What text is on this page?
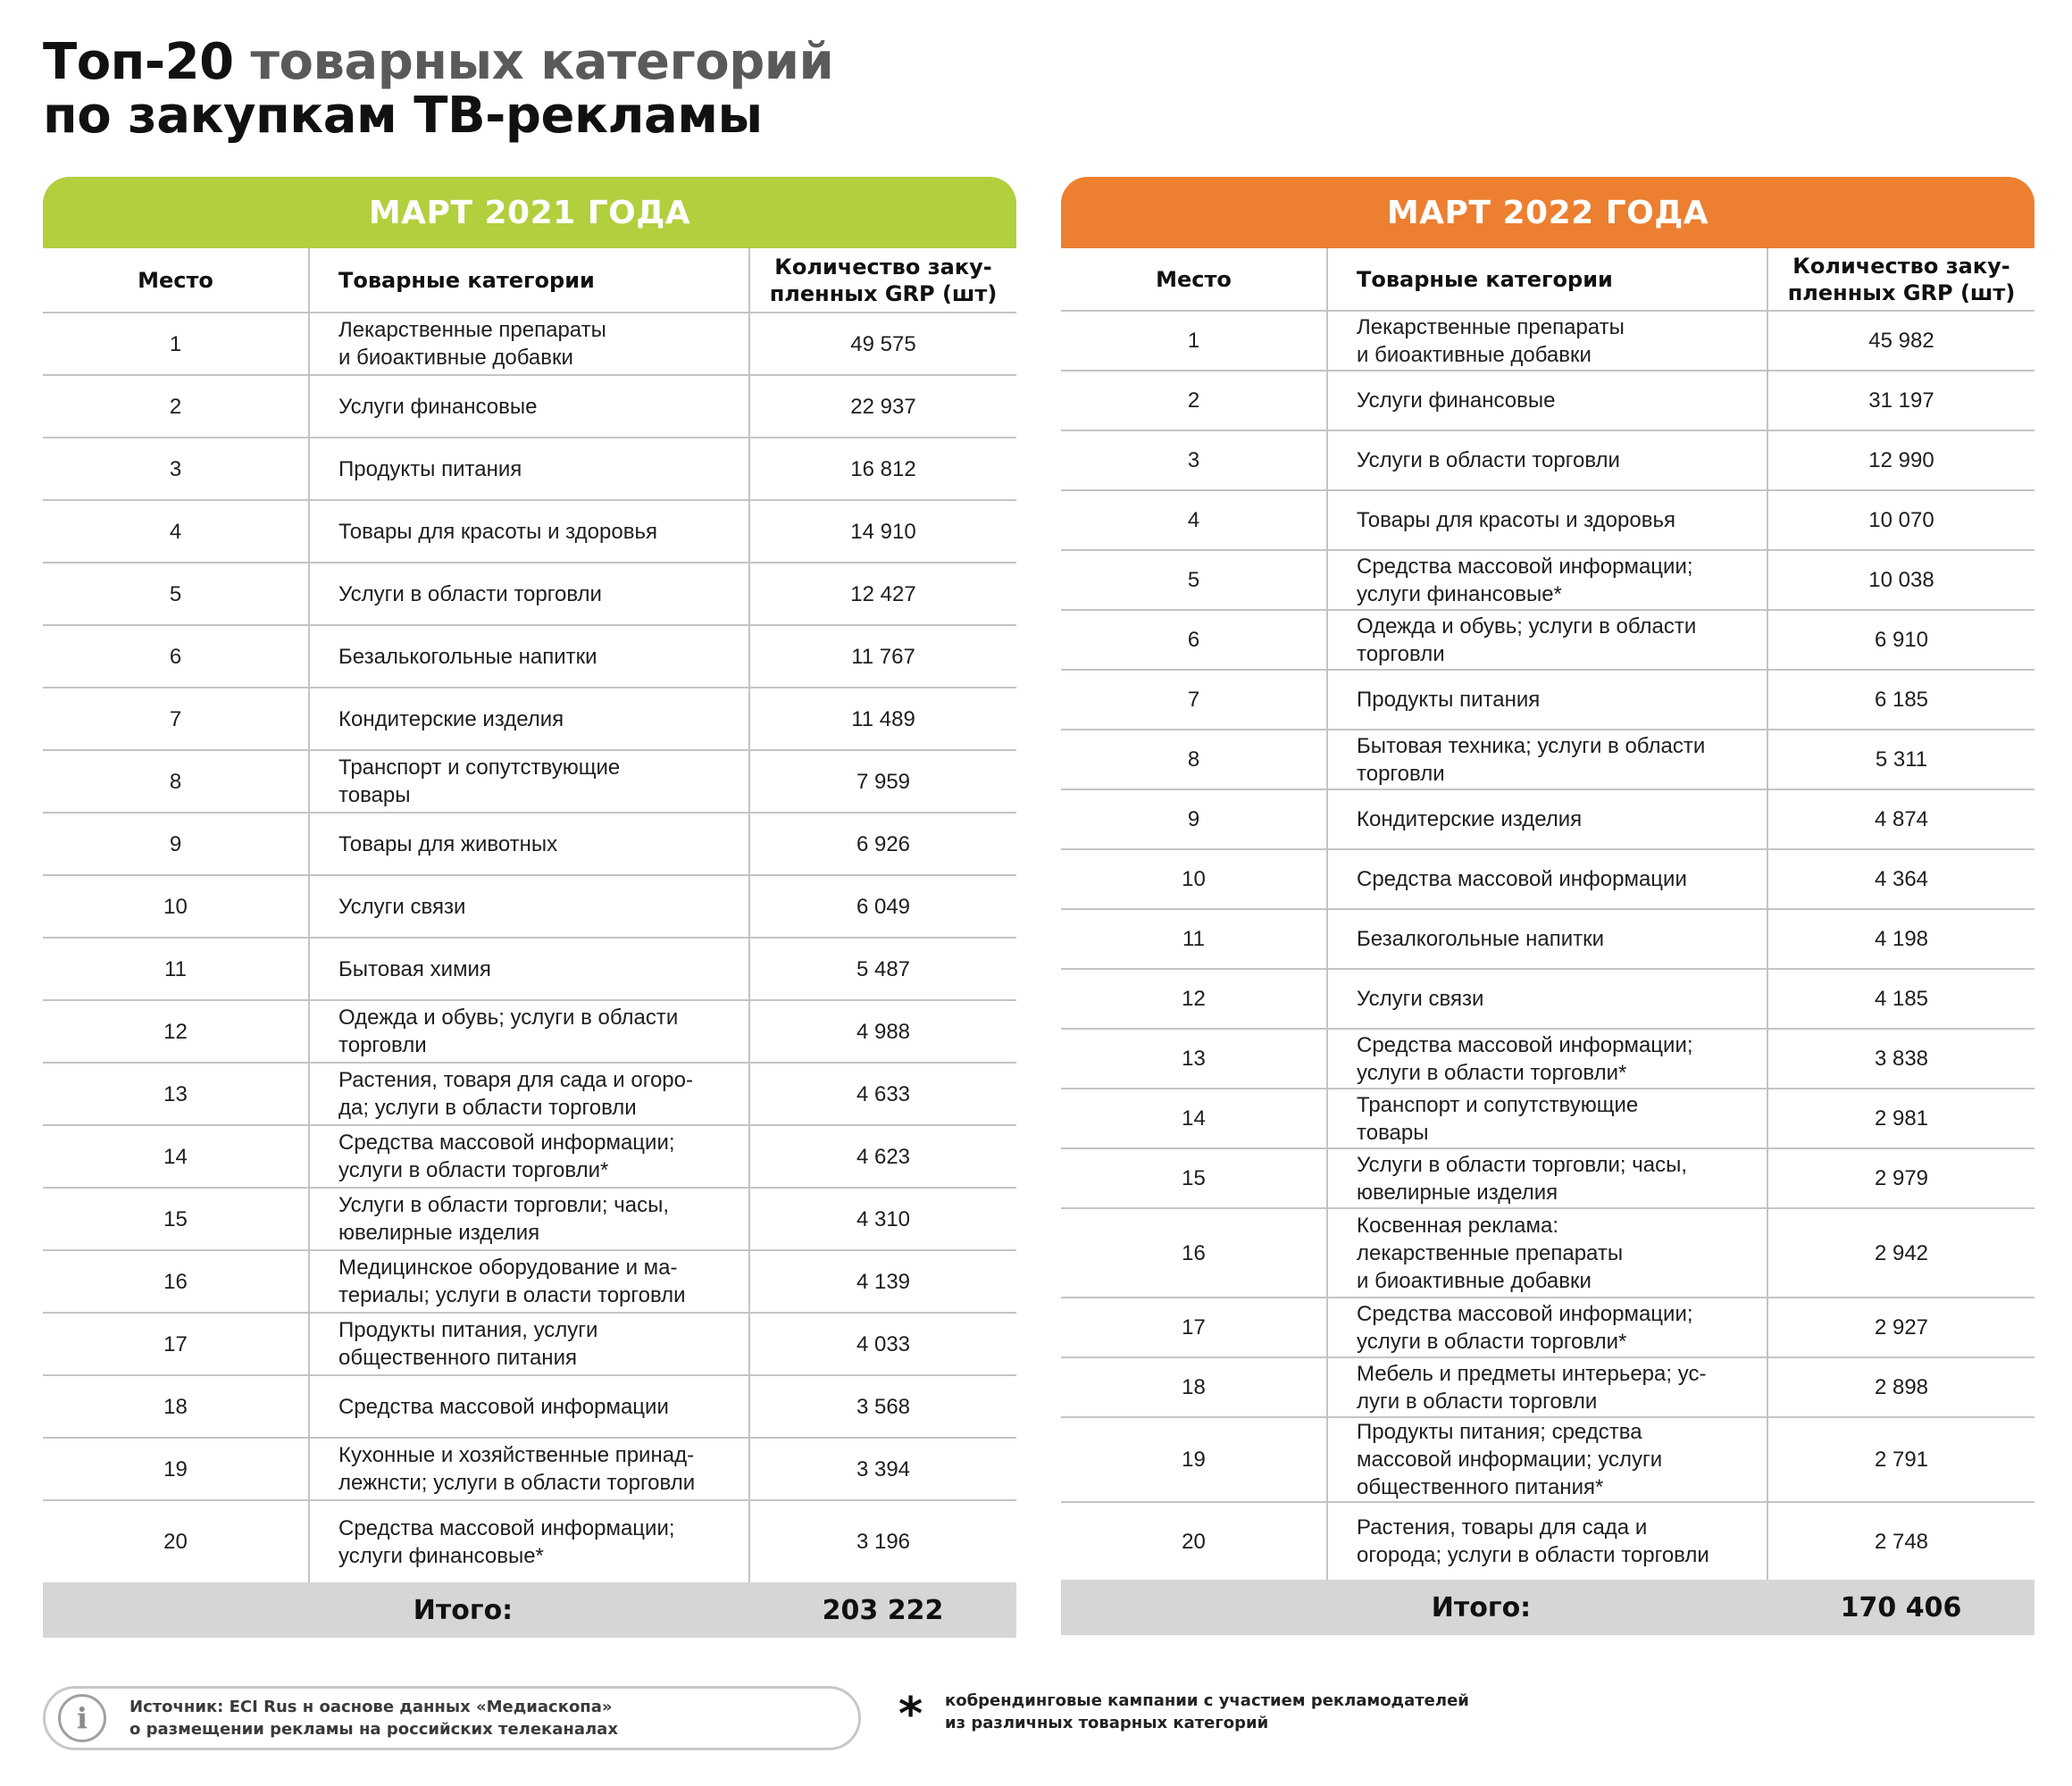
Топ-20 товарных категорий
по закупкам ТВ-рекламы
МАРТ 2021 ГОДА
Место	Товарные категории	Количество заку-
пленных GRP (шт)
1	Лекарственные препараты
и биоактивные добавки	49 575
2	Услуги финансовые	22 937
3	Продукты питания	16 812
4	Товары для красоты и здоровья	14 910
5	Услуги в области торговли	12 427
6	Безалькогольные напитки	11 767
7	Кондитерские изделия	11 489
8	Транспорт и сопутствующие
товары	7 959
9	Товары для животных	6 926
10	Услуги связи	6 049
11	Бытовая химия	5 487
12	Одежда и обувь; услуги в области
торговли	4 988
13	Растения, товаря для сада и огоро-
да; услуги в области торговли	4 633
14	Средства массовой информации;
услуги в области торговли*	4 623
15	Услуги в области торговли; часы,
ювелирные изделия	4 310
16	Медицинское оборудование и ма-
териалы; услуги в оласти торговли	4 139
17	Продукты питания, услуги
общественного питания	4 033
18	Средства массовой информации	3 568
19	Кухонные и хозяйственные принад-
лежнсти; услуги в области торговли	3 394
20	Средства массовой информации;
услуги финансовые*	3 196
Итого:	203 222
МАРТ 2022 ГОДА
Место	Товарные категории	Количество заку-
пленных GRP (шт)
1	Лекарственные препараты
и биоактивные добавки	45 982
2	Услуги финансовые	31 197
3	Услуги в области торговли	12 990
4	Товары для красоты и здоровья	10 070
5	Средства массовой информации;
услуги финансовые*	10 038
6	Одежда и обувь; услуги в области
торговли	6 910
7	Продукты питания	6 185
8	Бытовая техника; услуги в области
торговли	5 311
9	Кондитерские изделия	4 874
10	Средства массовой информации	4 364
11	Безалкогольные напитки	4 198
12	Услуги связи	4 185
13	Средства массовой информации;
услуги в области торговли*	3 838
14	Транспорт и сопутствующие
товары	2 981
15	Услуги в области торговли; часы,
ювелирные изделия	2 979
16	Косвенная реклама:
лекарственные препараты
и биоактивные добавки	2 942
17	Средства массовой информации;
услуги в области торговли*	2 927
18	Мебель и предметы интерьера; ус-
луги в области торговли	2 898
19	Продукты питания; средства
массовой информации; услуги
общественного питания*	2 791
20	Растения, товары для сада и
огорода; услуги в области торговли	2 748
Итого:	170 406
i	Источник: ECI Rus н оаснове данных «Медиаскопа»
о размещении рекламы на российских телеканалах	*	кобрендинговые кампании с участием рекламодателей
из различных товарных категорий
